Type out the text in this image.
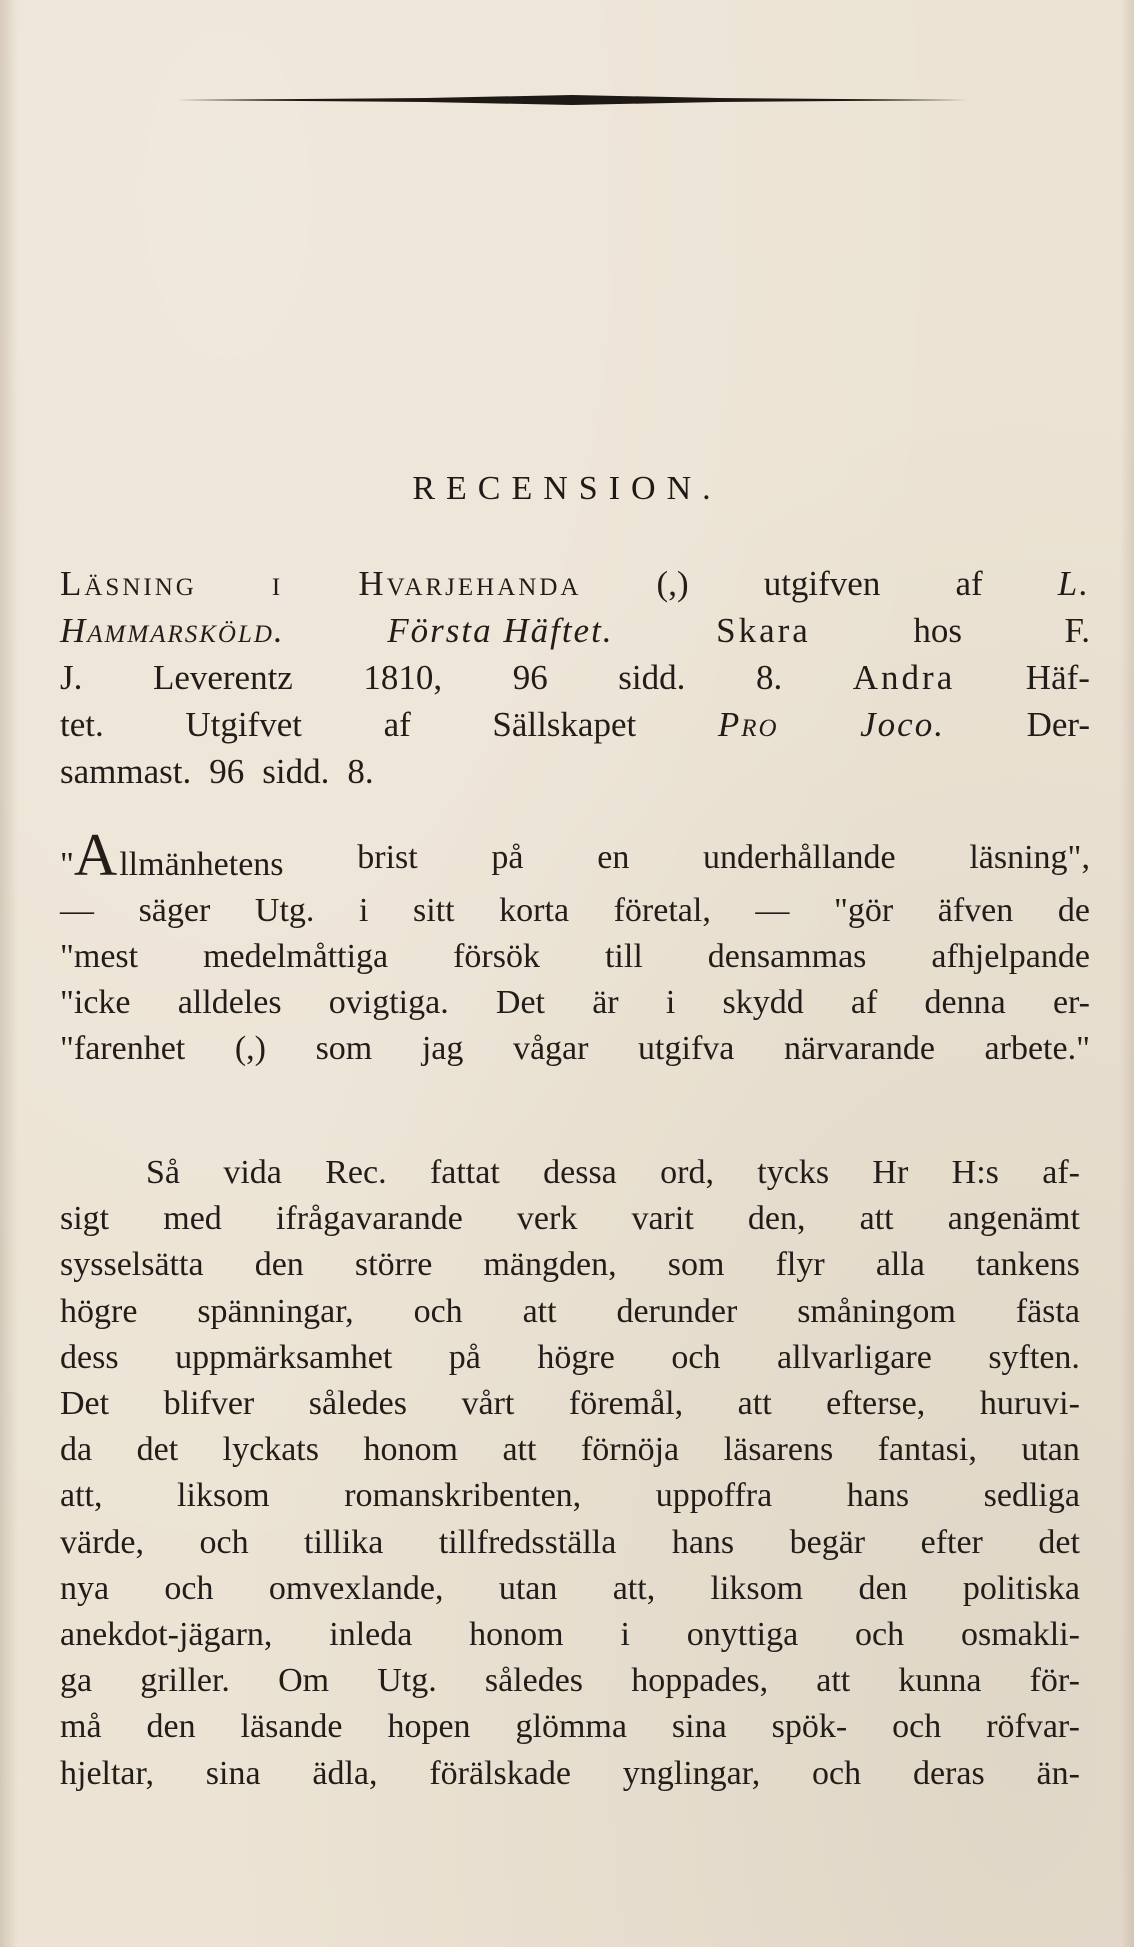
RECENSION.
Läsning i Hvarjehanda (,) utgifven af L.
Hammarsköld.	Första Häftet.	Skara	hos	F.
J. Leverentz 1810, 96 sidd. 8. Andra Häf-
tet. Utgifvet af Sällskapet Pro Joco. Der-
sammast. 96 sidd. 8.
"Allmänhetens brist på en underhållande läsning",
— säger Utg. i sitt korta företal, — "gör äfven de
"mest medelmåttiga försök till densammas afhjelpande
"icke alldeles ovigtiga. Det är i skydd af denna er-
"farenhet (,) som jag vågar utgifva närvarande arbete."
Så vida Rec. fattat dessa ord, tycks Hr H:s af-
sigt med ifrågavarande verk varit den, att angenämt
sysselsätta den större mängden, som flyr alla tankens
högre spänningar, och att derunder småningom fästa
dess uppmärksamhet på högre och allvarligare syften.
Det blifver således vårt föremål, att efterse, huruvi-
da det lyckats honom att förnöja läsarens fantasi, utan
att, liksom romanskribenten, uppoffra hans sedliga
värde, och tillika tillfredsställa hans begär efter det
nya och omvexlande, utan att, liksom den politiska
anekdot-jägarn, inleda honom i onyttiga och osmakli-
ga griller. Om Utg. således hoppades, att kunna för-
må den läsande hopen glömma sina spök- och röfvar-
hjeltar, sina ädla, förälskade ynglingar, och deras än-
